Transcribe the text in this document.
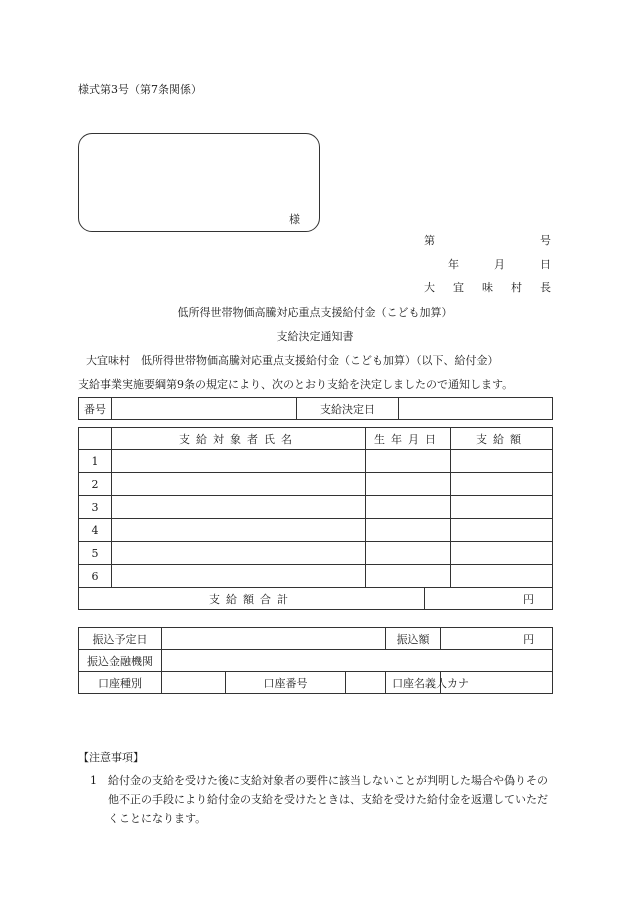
様式第3号（第7条関係）
様
第	号
年	月	日
大 宜 味 村 長
低所得世帯物価高騰対応重点支援給付金（こども加算）
支給決定通知書
大宜味村　低所得世帯物価高騰対応重点支援給付金（こども加算）（以下、給付金）
支給事業実施要綱第9条の規定により、次のとおり支給を決定しましたので通知します。
番号		支給決定日	
	支給対象者氏名	生年月日	支給額
1			
2			
3			
4			
5			
6			
支給額合計	円
振込予定日				振込額	円
振込金融機関					
口座種別		口座番号		口座名義人カナ	
【注意事項】
1 給付金の支給を受けた後に支給対象者の要件に該当しないことが判明した場合や偽りその他不正の手段により給付金の支給を受けたときは、支給を受けた給付金を返還していただくことになります。
